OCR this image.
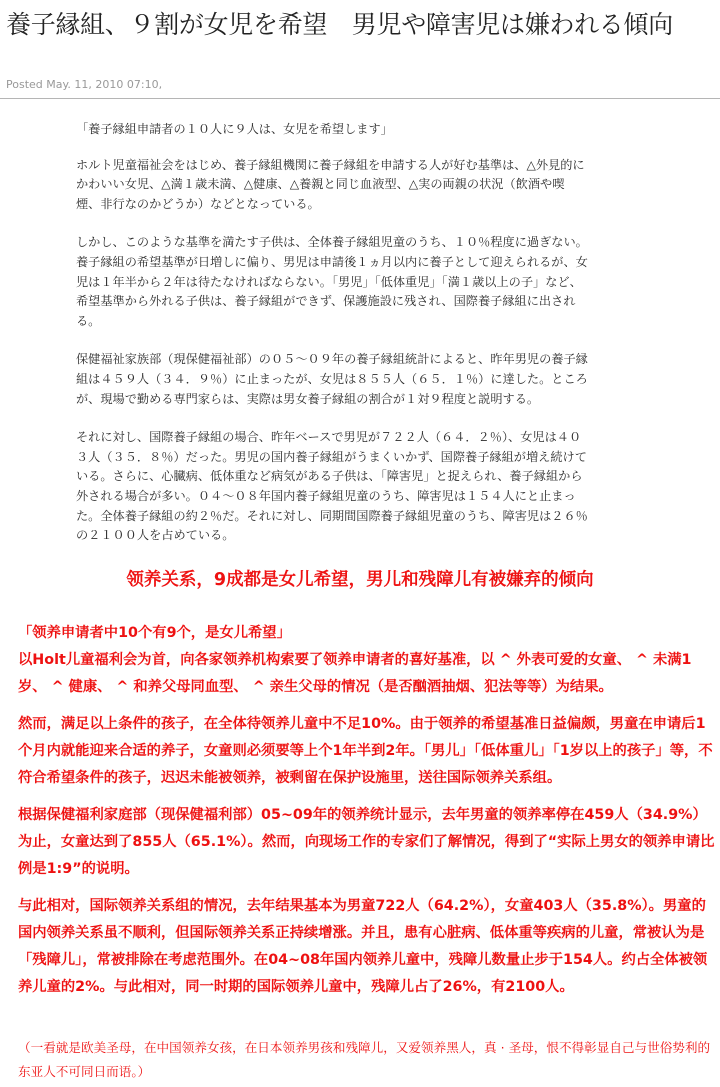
養子縁組、９割が女児を希望　男児や障害児は嫌われる傾向
Posted May. 11, 2010 07:10,

「養子縁組申請者の１０人に９人は、女児を希望します」

ホルト児童福祉会をはじめ、養子縁組機関に養子縁組を申請する人が好む基準は、△外見的にかわいい女児、△満１歳未満、△健康、△養親と同じ血液型、△実の両親の状況（飲酒や喫煙、非行なのかどうか）などとなっている。

しかし、このような基準を満たす子供は、全体養子縁組児童のうち、１０％程度に過ぎない。養子縁組の希望基準が日増しに偏り、男児は申請後１ヵ月以内に養子として迎えられるが、女児は１年半から２年は待たなければならない。「男児」「低体重児」「満１歳以上の子」など、希望基準から外れる子供は、養子縁組ができず、保護施設に残され、国際養子縁組に出される。

保健福祉家族部（現保健福祉部）の０５～０９年の養子縁組統計によると、昨年男児の養子縁組は４５９人（３４．９％）に止まったが、女児は８５５人（６５．１％）に達した。ところが、現場で勤める専門家らは、実際は男女養子縁組の割合が１対９程度と説明する。

それに対し、国際養子縁組の場合、昨年ベースで男児が７２２人（６４．２％）、女児は４０３人（３５．８％）だった。男児の国内養子縁組がうまくいかず、国際養子縁組が増え続けている。さらに、心臓病、低体重など病気がある子供は、「障害児」と捉えられ、養子縁組から外される場合が多い。０４～０８年国内養子縁組児童のうち、障害児は１５４人にと止まった。全体養子縁組の約２％だ。それに対し、同期間国際養子縁組児童のうち、障害児は２６％の２１００人を占めている。

领养关系，9成都是女儿希望，男儿和残障儿有被嫌弃的倾向

「领养申请者中10个有9个，是女儿希望」
以Holt儿童福利会为首，向各家领养机构索要了领养申请者的喜好基准，以 ^ 外表可爱的女童、 ^ 未满1岁、 ^ 健康、 ^ 和养父母同血型、 ^ 亲生父母的情况（是否酗酒抽烟、犯法等等）为结果。

然而，满足以上条件的孩子，在全体待领养儿童中不足10%。由于领养的希望基准日益偏颇，男童在申请后1个月内就能迎来合适的养子，女童则必须要等上个1年半到2年。「男儿」「低体重儿」「1岁以上的孩子」等，不符合希望条件的孩子，迟迟未能被领养，被剩留在保护设施里，送往国际领养关系组。

根据保健福利家庭部（现保健福利部）05~09年的领养统计显示，去年男童的领养率停在459人（34.9%）为止，女童达到了855人（65.1%）。然而，向现场工作的专家们了解情况，得到了“实际上男女的领养申请比例是1:9”的说明。

与此相对，国际领养关系组的情况，去年结果基本为男童722人（64.2%），女童403人（35.8%）。男童的国内领养关系虽不顺利，但国际领养关系正持续增涨。并且，患有心脏病、低体重等疾病的儿童，常被认为是「残障儿」，常被排除在考虑范围外。在04~08年国内领养儿童中，残障儿数量止步于154人。约占全体被领养儿童的2%。与此相对，同一时期的国际领养儿童中，残障儿占了26%，有2100人。

（一看就是欧美圣母，在中国领养女孩，在日本领养男孩和残障儿，又爱领养黑人，真 · 圣母，恨不得彰显自己与世俗势利的东亚人不可同日而语。）
